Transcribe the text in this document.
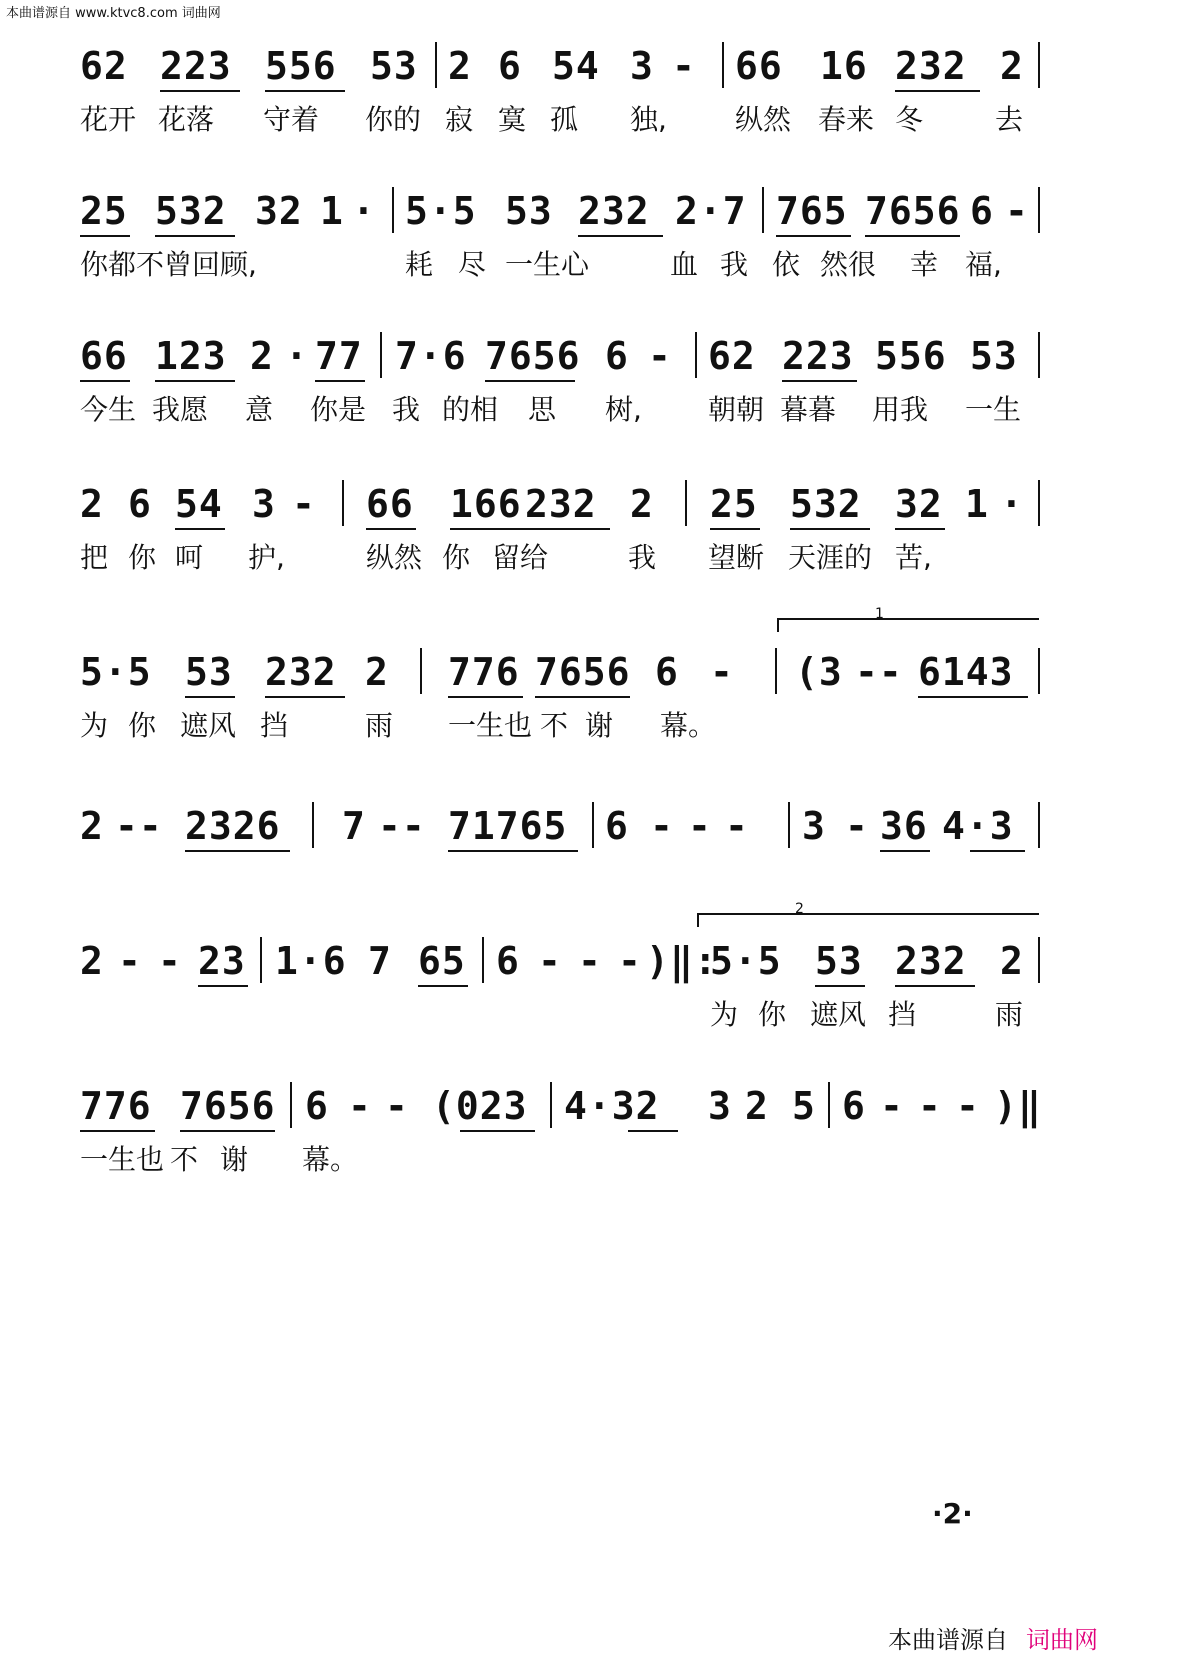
本曲谱源自 www.ktvc8.com 词曲网
62 223 556 53 2 6 54 3 - 66 16 232 2
花开 花落 守着 你的 寂 寞 孤 独, 纵然 春来 冬	去
25 532 32 1 · 5·5 53 232 2·7 765 7656 6 -
你都不曾回顾,	耗 尽 一生心	血 我 依 然很 幸 福,
66 123 2 · 77 7·6 7656 6 - 62 223 556 53
今生 我愿 意 你是 我 的相 思 树, 朝朝 暮暮 用我 一生
2 6 54 3 - 66 166 232 2 25 532 32 1 ·
把 你 呵 护,	纵然 你 留给	我 望断 天涯的 苦,
1
5·5 53 232 2 776 7656 6 - (3 -- 6143
为 你 遮风 挡	雨 一生也 不 谢 幕。
2 -- 2326 7 -- 71765 6 - - - 3 - 36 4·3
2
2 - - 23 1·6 7 65 6 - - - ) ‖:
5·5 53 232 2
为 你 遮风 挡	雨
776 7656 6 - - (023 4·32 3 2 5 6 - - - ) ‖
一生也 不 谢 幕。
·2·
本曲谱源自 词曲网
